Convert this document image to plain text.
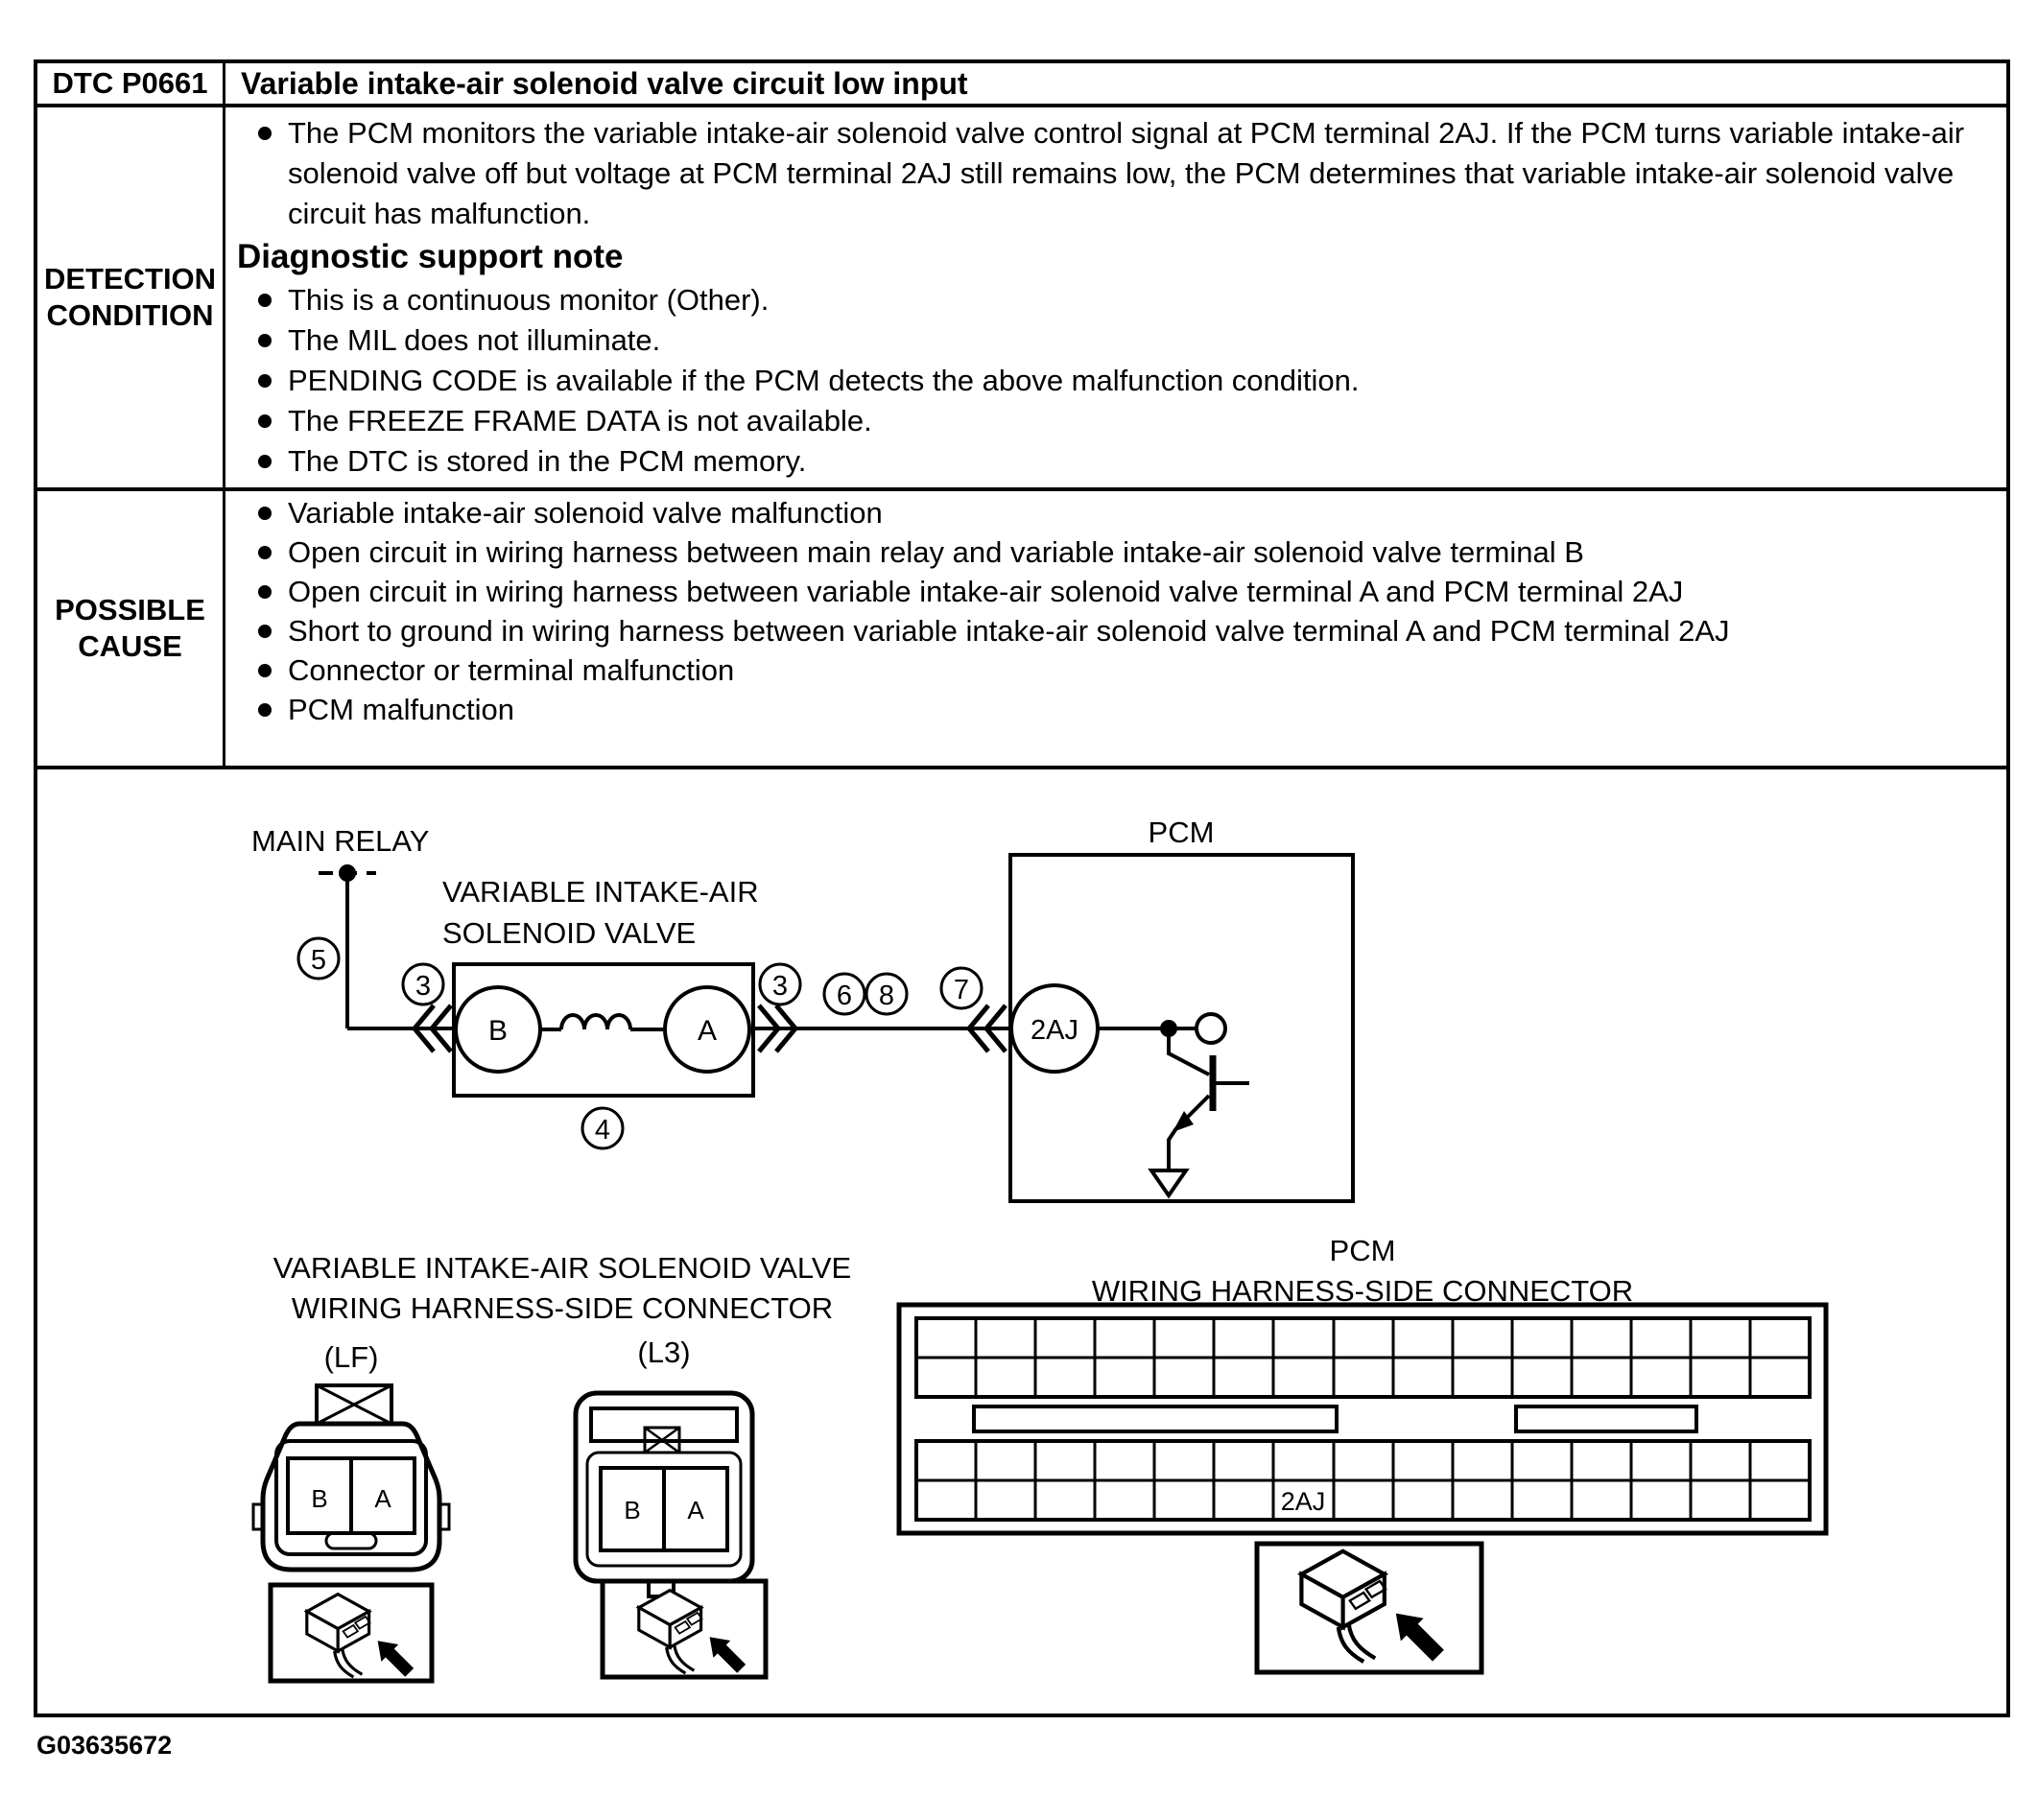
DTC P0661	Variable intake-air solenoid valve circuit low input
DETECTION
CONDITION
The PCM monitors the variable intake-air solenoid valve control signal at PCM terminal 2AJ. If the PCM turns variable intake-air solenoid valve off but voltage at PCM terminal 2AJ still remains low, the PCM determines that variable intake-air solenoid valve circuit has malfunction.
Diagnostic support note
This is a continuous monitor (Other).
The MIL does not illuminate.
PENDING CODE is available if the PCM detects the above malfunction condition.
The FREEZE FRAME DATA is not available.
The DTC is stored in the PCM memory.
POSSIBLE
CAUSE
Variable intake-air solenoid valve malfunction
Open circuit in wiring harness between main relay and variable intake-air solenoid valve terminal B
Open circuit in wiring harness between variable intake-air solenoid valve terminal A and PCM terminal 2AJ
Short to ground in wiring harness between variable intake-air solenoid valve terminal A and PCM terminal 2AJ
Connector or terminal malfunction
PCM malfunction
MAIN RELAY
VARIABLE INTAKE-AIR
SOLENOID VALVE
PCM
B	A	2AJ
5
3	3
4
6 8 7
VARIABLE INTAKE-AIR SOLENOID VALVE
WIRING HARNESS-SIDE CONNECTOR
(LF)	(L3)
B A	B A
PCM
WIRING HARNESS-SIDE CONNECTOR
2AJ
G03635672
